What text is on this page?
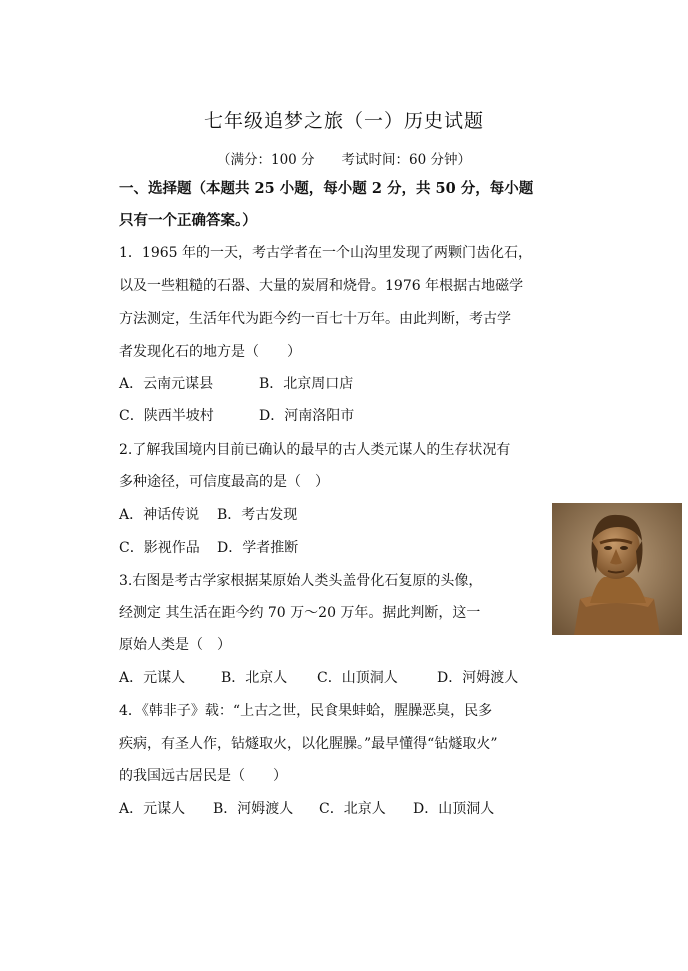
七年级追梦之旅（一）历史试题
（满分：100 分　　考试时间：60 分钟）
一、选择题（本题共 25 小题，每小题 2 分，共 50 分，每小题
只有一个正确答案。）
1．1965 年的一天，考古学者在一个山沟里发现了两颗门齿化石，
以及一些粗糙的石器、大量的炭屑和烧骨。1976 年根据古地磁学
方法测定，生活年代为距今约一百七十万年。由此判断，考古学
者发现化石的地方是（　　）
A．云南元谋县	B．北京周口店
C．陕西半坡村	D．河南洛阳市
2.了解我国境内目前已确认的最早的古人类元谋人的生存状况有
多种途径，可信度最高的是（　）
A．神话传说 B．考古发现
C．影视作品 D．学者推断
3.右图是考古学家根据某原始人类头盖骨化石复原的头像，
经测定 其生活在距今约 70 万～20 万年。据此判断，这一
原始人类是（　）
A．元谋人	B．北京人 C．山顶洞人	D．河姆渡人
4．《韩非子》载：“上古之世，民食果蚌蛤，腥臊恶臭，民多
疾病，有圣人作，钻燧取火，以化腥臊。”最早懂得“钻燧取火”
的我国远古居民是（　　）
A．元谋人 B．河姆渡人 C．北京人 D．山顶洞人
